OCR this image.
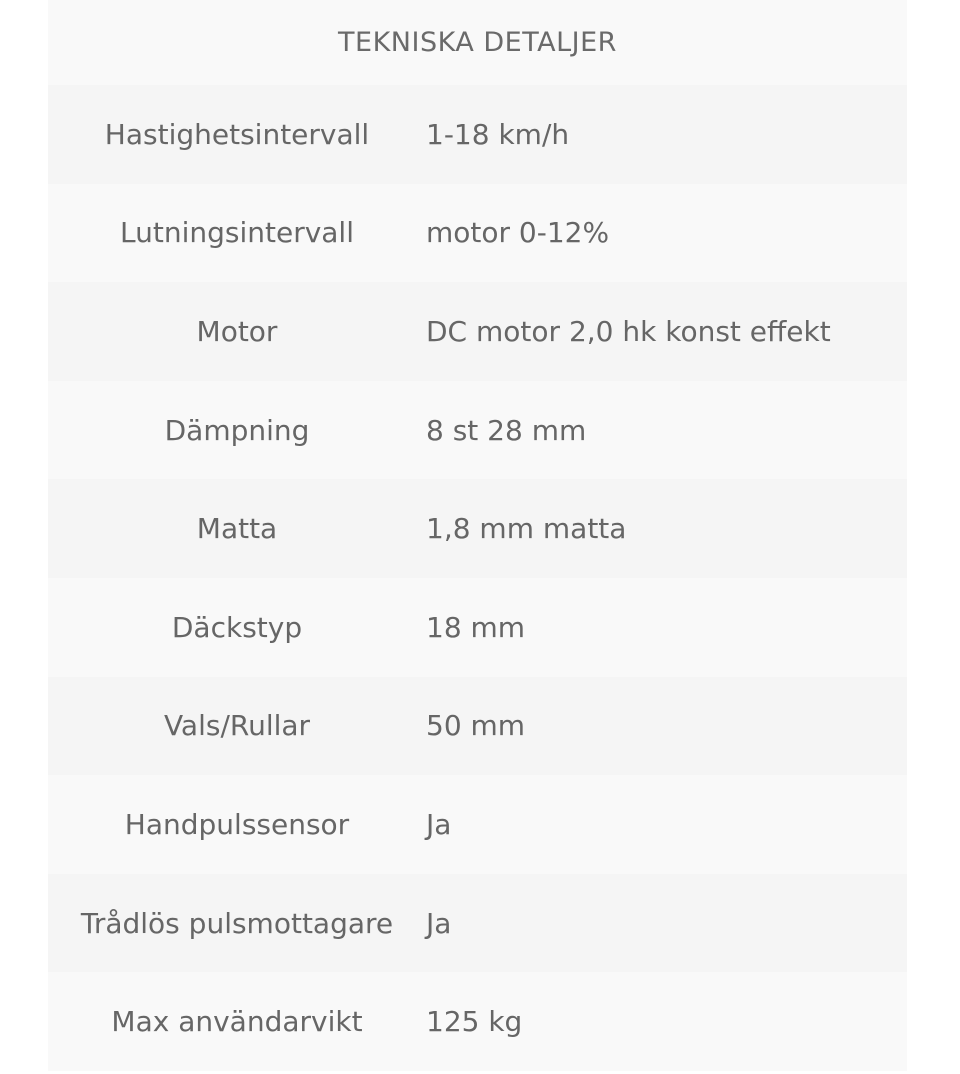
TEKNISKA DETALJER
Hastighetsintervall	1-18 km/h
Lutningsintervall	motor 0-12%
Motor	DC motor 2,0 hk konst effekt
Dämpning	8 st 28 mm
Matta	1,8 mm matta
Däckstyp	18 mm
Vals/Rullar	50 mm
Handpulssensor	Ja
Trådlös pulsmottagare	Ja
Max användarvikt	125 kg
